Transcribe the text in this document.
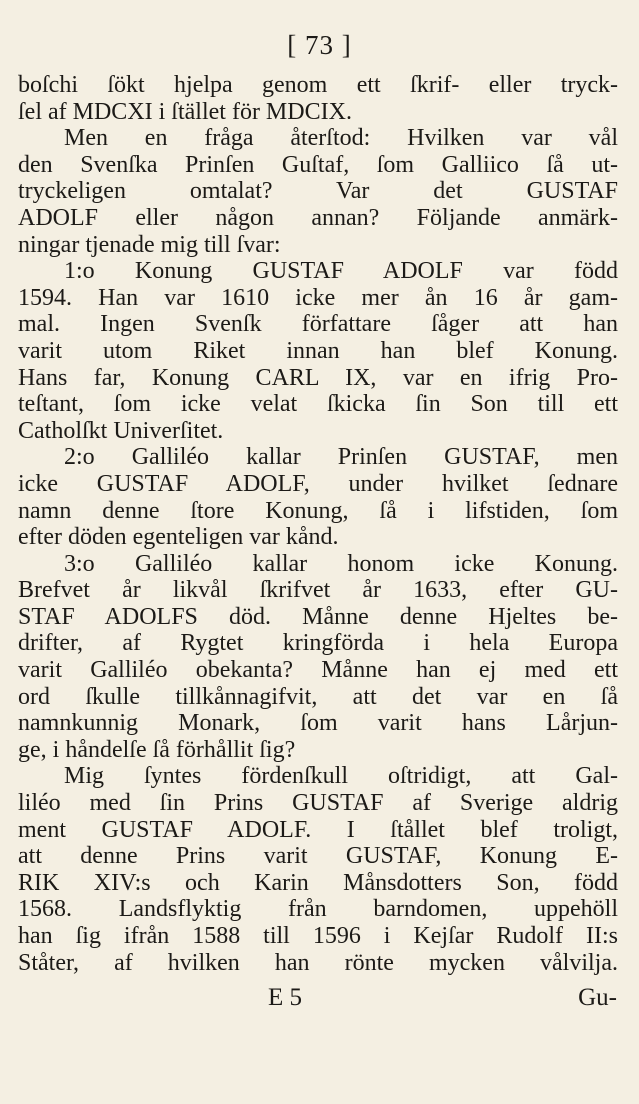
[ 73 ]
boſchi ſökt hjelpa genom ett ſkrif- eller tryck-
ſel af MDCXI i ſtället för MDCIX.
Men en fråga återſtod: Hvilken var vål
den Svenſka Prinſen Guſtaf, ſom Galliico ſå ut-
tryckeligen omtalat? Var det GUSTAF
ADOLF eller någon annan? Följande anmärk-
ningar tjenade mig till ſvar:
1:o Konung GUSTAF ADOLF var född
1594. Han var 1610 icke mer ån 16 år gam-
mal. Ingen Svenſk författare ſåger att han
varit utom Riket innan han blef Konung.
Hans far, Konung CARL IX, var en ifrig Pro-
teſtant, ſom icke velat ſkicka ſin Son till ett
Catholſkt Univerſitet.
2:o Galliléo kallar Prinſen GUSTAF, men
icke GUSTAF ADOLF, under hvilket ſednare
namn denne ſtore Konung, ſå i lifstiden, ſom
efter döden egenteligen var kånd.
3:o Galliléo kallar honom icke Konung.
Brefvet år likvål ſkrifvet år 1633, efter GU-
STAF ADOLFS död. Månne denne Hjeltes be-
drifter, af Rygtet kringförda i hela Europa
varit Galliléo obekanta? Månne han ej med ett
ord ſkulle tillkånnagifvit, att det var en ſå
namnkunnig Monark, ſom varit hans Lårjun-
ge, i håndelſe ſå förhållit ſig?
Mig ſyntes fördenſkull oſtridigt, att Gal-
liléo med ſin Prins GUSTAF af Sverige aldrig
ment GUSTAF ADOLF. I ſtållet blef troligt,
att denne Prins varit GUSTAF, Konung E-
RIK XIV:s och Karin Månsdotters Son, född
1568. Landsflyktig från barndomen, uppehöll
han ſig ifrån 1588 till 1596 i Kejſar Rudolf II:s
Ståter, af hvilken han rönte mycken vålvilja.
E 5	Gu-
